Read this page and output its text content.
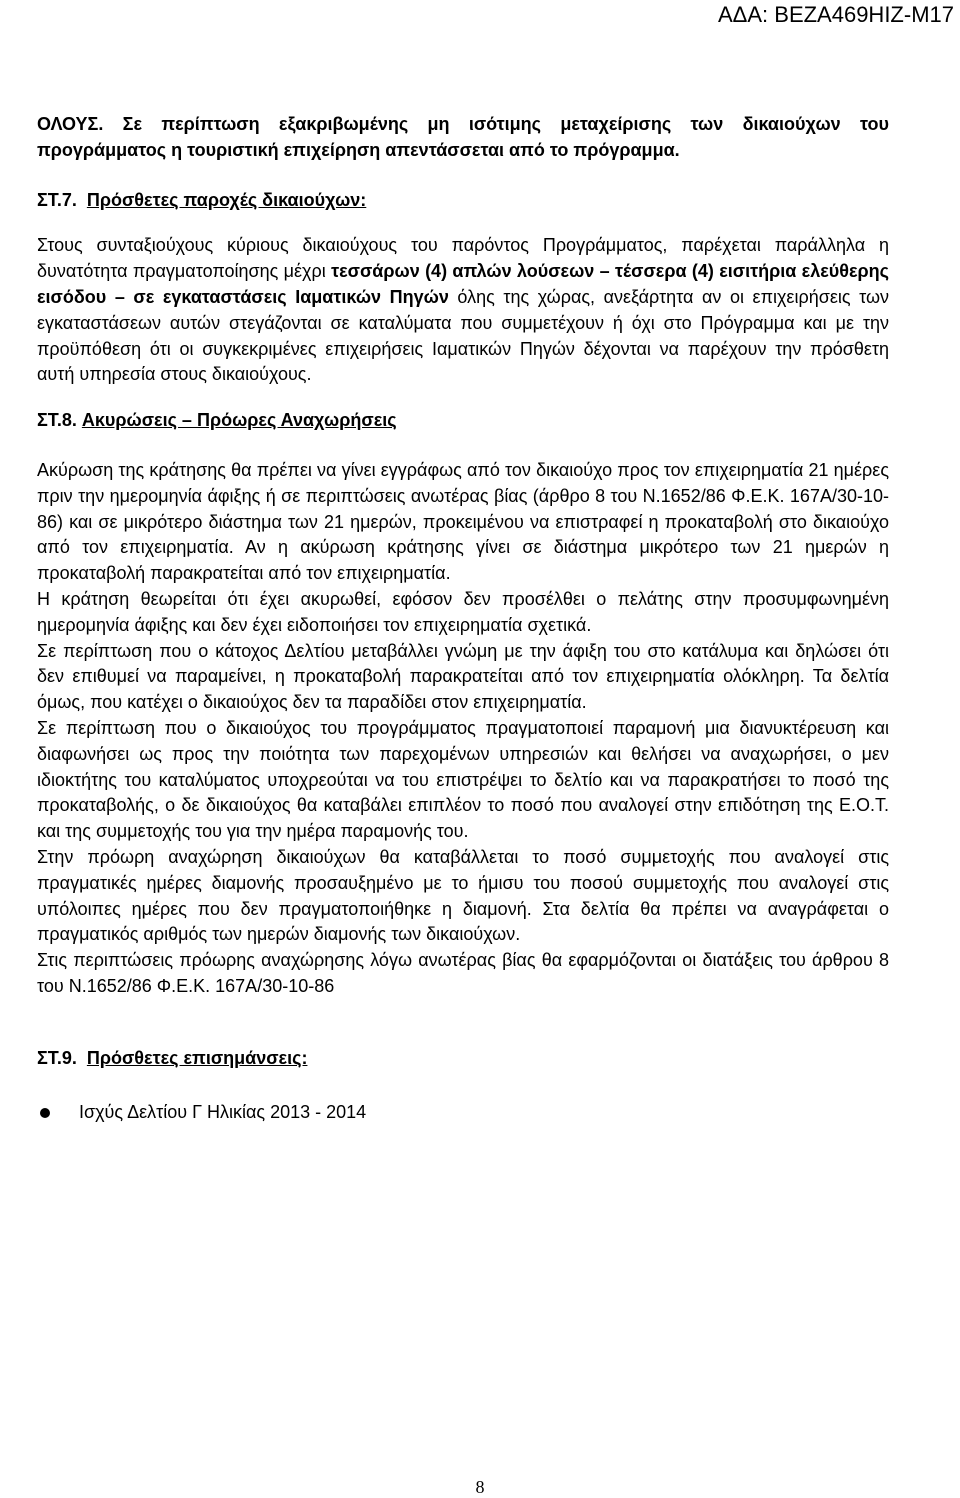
ΑΔΑ: ΒΕΖΑ469ΗΙΖ-Μ17

ΟΛΟΥΣ. Σε περίπτωση εξακριβωμένης μη ισότιμης μεταχείρισης των δικαιούχων του προγράμματος η τουριστική επιχείρηση απεντάσσεται από το πρόγραμμα.

ΣΤ.7. Πρόσθετες παροχές δικαιούχων:

Στους συνταξιούχους κύριους δικαιούχους του παρόντος Προγράμματος, παρέχεται παράλληλα η δυνατότητα πραγματοποίησης μέχρι τεσσάρων (4) απλών λούσεων – τέσσερα (4) εισιτήρια ελεύθερης εισόδου – σε εγκαταστάσεις Ιαματικών Πηγών όλης της χώρας, ανεξάρτητα αν οι επιχειρήσεις των εγκαταστάσεων αυτών στεγάζονται σε καταλύματα που συμμετέχουν ή όχι στο Πρόγραμμα και με την προϋπόθεση ότι οι συγκεκριμένες επιχειρήσεις Ιαματικών Πηγών δέχονται να παρέχουν την πρόσθετη αυτή υπηρεσία στους δικαιούχους.

ΣΤ.8. Ακυρώσεις – Πρόωρες Αναχωρήσεις

Ακύρωση της κράτησης θα πρέπει να γίνει εγγράφως από τον δικαιούχο προς τον επιχειρηματία 21 ημέρες πριν την ημερομηνία άφιξης ή σε περιπτώσεις ανωτέρας βίας (άρθρο 8 του Ν.1652/86 Φ.Ε.Κ. 167Α/30-10-86) και σε μικρότερο διάστημα των 21 ημερών, προκειμένου να επιστραφεί η προκαταβολή στο δικαιούχο από τον επιχειρηματία. Αν η ακύρωση κράτησης γίνει σε διάστημα μικρότερο των 21 ημερών η προκαταβολή παρακρατείται από τον επιχειρηματία.

Η κράτηση θεωρείται ότι έχει ακυρωθεί, εφόσον δεν προσέλθει ο πελάτης στην προσυμφωνημένη ημερομηνία άφιξης και δεν έχει ειδοποιήσει τον επιχειρηματία σχετικά.

Σε περίπτωση που ο κάτοχος Δελτίου μεταβάλλει γνώμη με την άφιξη του στο κατάλυμα και δηλώσει ότι δεν επιθυμεί να παραμείνει, η προκαταβολή παρακρατείται από τον επιχειρηματία ολόκληρη. Τα δελτία όμως, που κατέχει ο δικαιούχος δεν τα παραδίδει στον επιχειρηματία.

Σε περίπτωση που ο δικαιούχος του προγράμματος πραγματοποιεί παραμονή μια διανυκτέρευση και διαφωνήσει ως προς την ποιότητα των παρεχομένων υπηρεσιών και θελήσει να αναχωρήσει, ο μεν ιδιοκτήτης του καταλύματος υποχρεούται να του επιστρέψει το δελτίο και να παρακρατήσει το ποσό της προκαταβολής, ο δε δικαιούχος θα καταβάλει επιπλέον το ποσό που αναλογεί στην επιδότηση της Ε.Ο.Τ. και της συμμετοχής του για την ημέρα παραμονής του.

Στην πρόωρη αναχώρηση δικαιούχων θα καταβάλλεται το ποσό συμμετοχής που αναλογεί στις πραγματικές ημέρες διαμονής προσαυξημένο με το ήμισυ του ποσού συμμετοχής που αναλογεί στις υπόλοιπες ημέρες που δεν πραγματοποιήθηκε η διαμονή. Στα δελτία θα πρέπει να αναγράφεται ο πραγματικός αριθμός των ημερών διαμονής των δικαιούχων.

Στις περιπτώσεις πρόωρης αναχώρησης λόγω ανωτέρας βίας θα εφαρμόζονται οι διατάξεις του άρθρου 8 του Ν.1652/86 Φ.Ε.Κ. 167Α/30-10-86

ΣΤ.9. Πρόσθετες επισημάνσεις:

Ισχύς Δελτίου Γ Ηλικίας 2013 - 2014

8
